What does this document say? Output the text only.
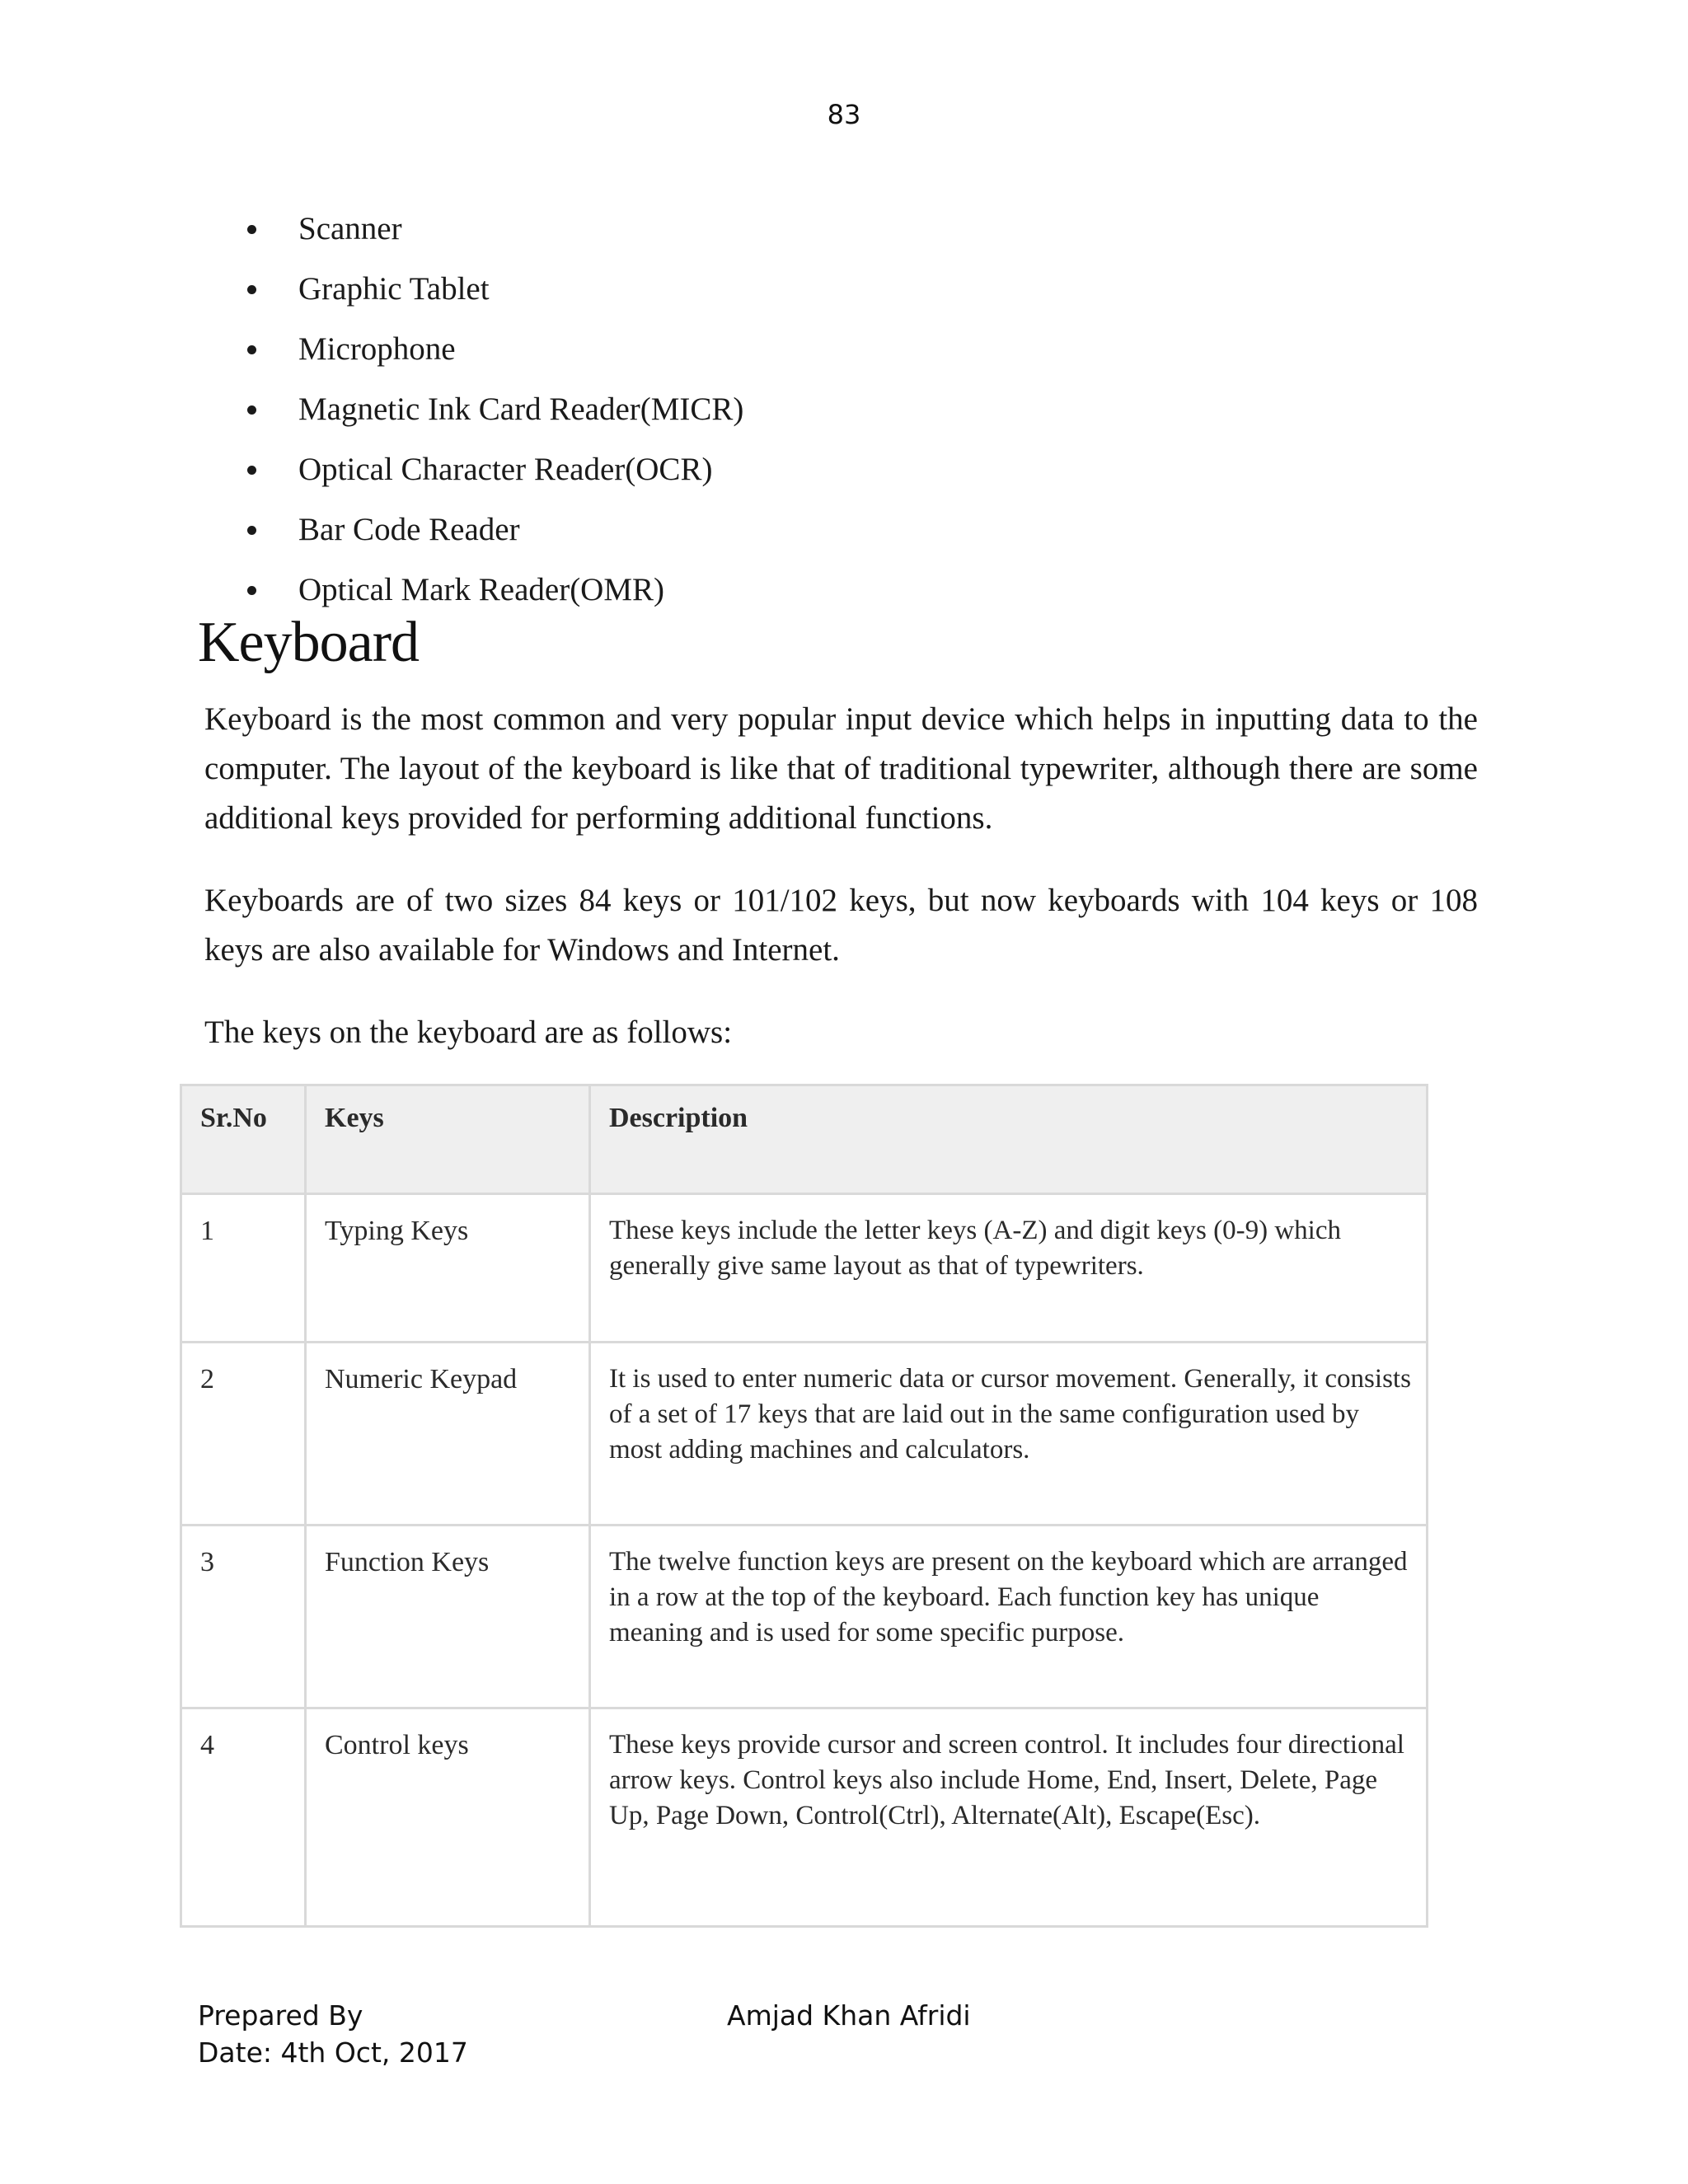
83
Scanner
Graphic Tablet
Microphone
Magnetic Ink Card Reader(MICR)
Optical Character Reader(OCR)
Bar Code Reader
Optical Mark Reader(OMR)
Keyboard

Keyboard is the most common and very popular input device which helps in inputting data to the computer. The layout of the keyboard is like that of traditional typewriter, although there are some additional keys provided for performing additional functions.

Keyboards are of two sizes 84 keys or 101/102 keys, but now keyboards with 104 keys or 108 keys are also available for Windows and Internet.

The keys on the keyboard are as follows:

Sr.No	Keys	Description
1	Typing Keys	These keys include the letter keys (A-Z) and digit keys (0-9) which generally give same layout as that of typewriters.
2	Numeric Keypad	It is used to enter numeric data or cursor movement. Generally, it consists of a set of 17 keys that are laid out in the same configuration used by most adding machines and calculators.
3	Function Keys	The twelve function keys are present on the keyboard which are arranged in a row at the top of the keyboard. Each function key has unique meaning and is used for some specific purpose.
4	Control keys	These keys provide cursor and screen control. It includes four directional arrow keys. Control keys also include Home, End, Insert, Delete, Page Up, Page Down, Control(Ctrl), Alternate(Alt), Escape(Esc).
Prepared By
Date: 4th Oct, 2017
Amjad Khan Afridi
